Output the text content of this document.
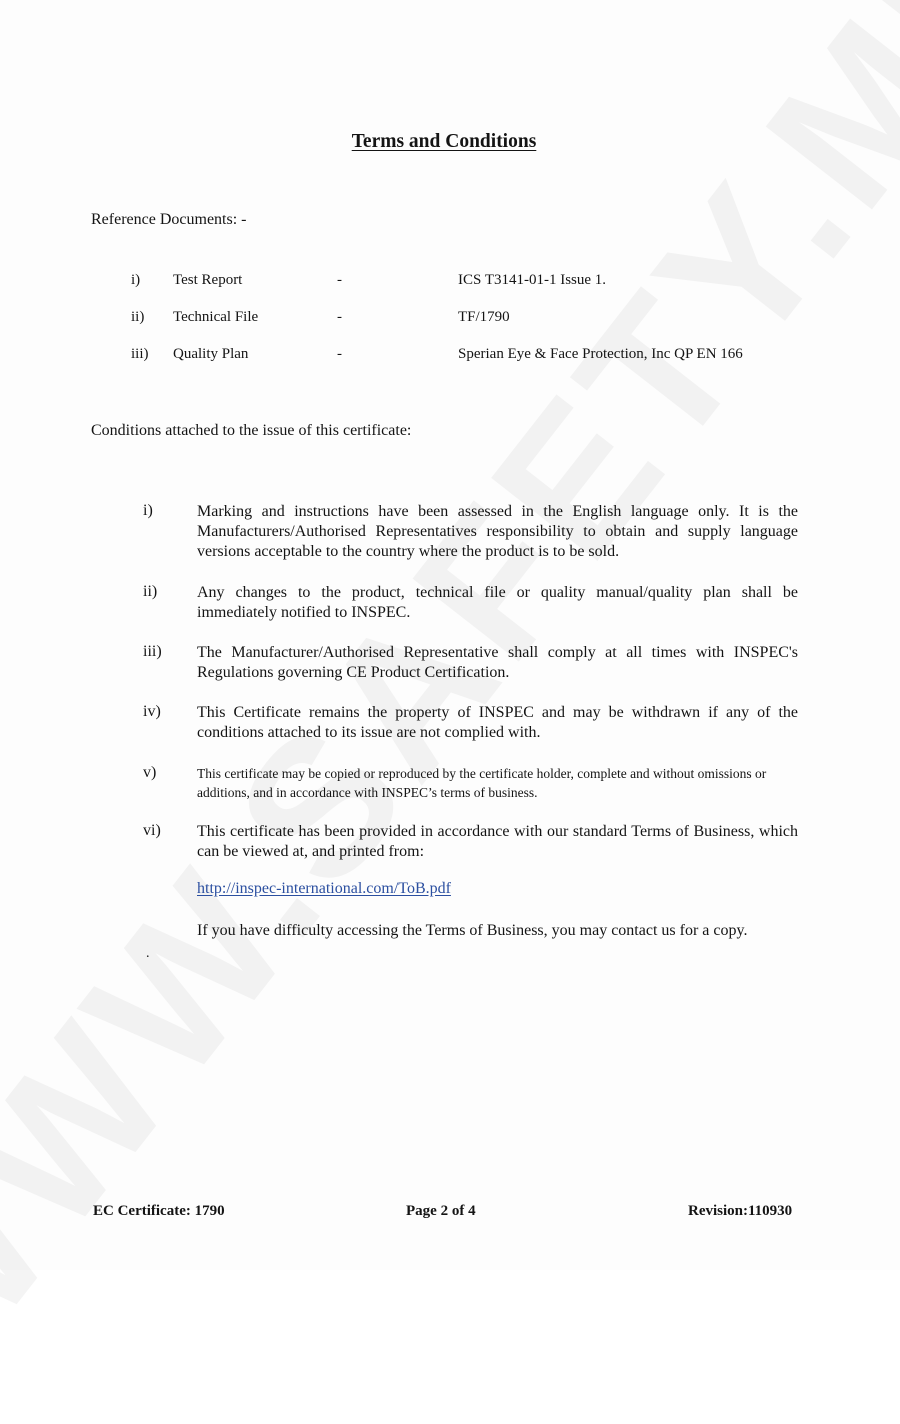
Terms and Conditions
Reference Documents: -
i) Test Report	-	ICS T3141-01-1 Issue 1.
ii) Technical File	-	TF/1790
iii) Quality Plan	-	Sperian Eye & Face Protection, Inc QP EN 166
Conditions attached to the issue of this certificate:
i)	Marking and instructions have been assessed in the English language only. It is the Manufacturers/Authorised Representatives responsibility to obtain and supply language versions acceptable to the country where the product is to be sold.
ii) Any changes to the product, technical file or quality manual/quality plan shall be immediately notified to INSPEC.
iii) The Manufacturer/Authorised Representative shall comply at all times with INSPEC's Regulations governing CE Product Certification.
iv) This Certificate remains the property of INSPEC and may be withdrawn if any of the conditions attached to its issue are not complied with.
v)	This certificate may be copied or reproduced by the certificate holder, complete and without omissions or additions, and in accordance with INSPEC’s terms of business.
vi) This certificate has been provided in accordance with our standard Terms of Business, which can be viewed at, and printed from:
http://inspec-international.com/ToB.pdf
If you have difficulty accessing the Terms of Business, you may contact us for a copy.
.
EC Certificate: 1790	Page 2 of 4	Revision:110930
